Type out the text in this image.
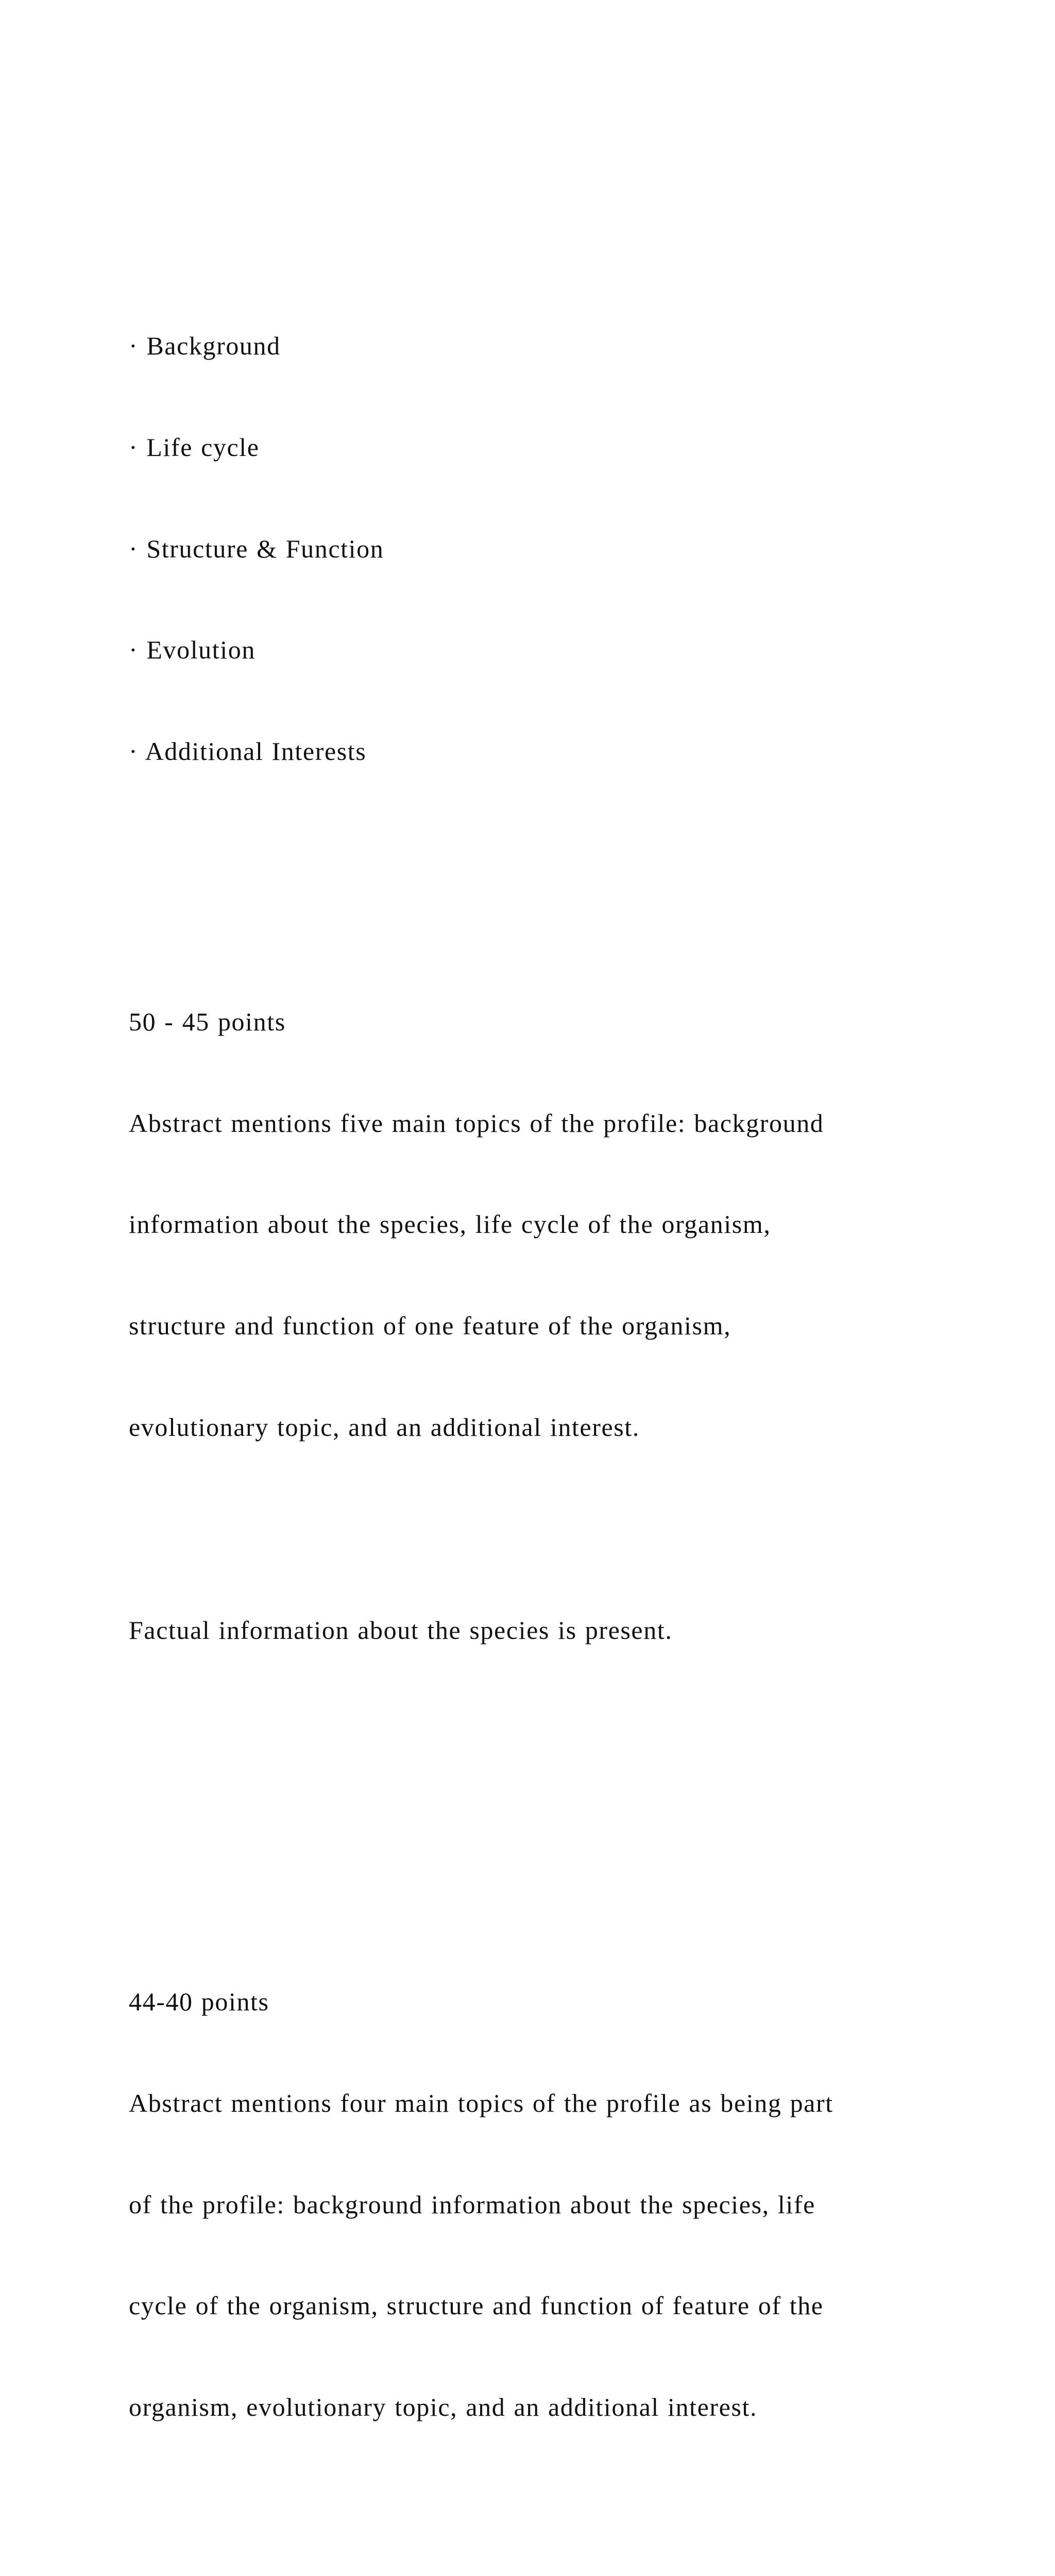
· Background

· Life cycle

· Structure & Function

· Evolution

· Additional Interests

50 - 45 points

Abstract mentions five main topics of the profile: background

information about the species, life cycle of the organism,

structure and function of one feature of the organism,

evolutionary topic, and an additional interest.

Factual information about the species is present.

44-40 points

Abstract mentions four main topics of the profile as being part

of the profile: background information about the species, life

cycle of the organism, structure and function of feature of the

organism, evolutionary topic, and an additional interest.
